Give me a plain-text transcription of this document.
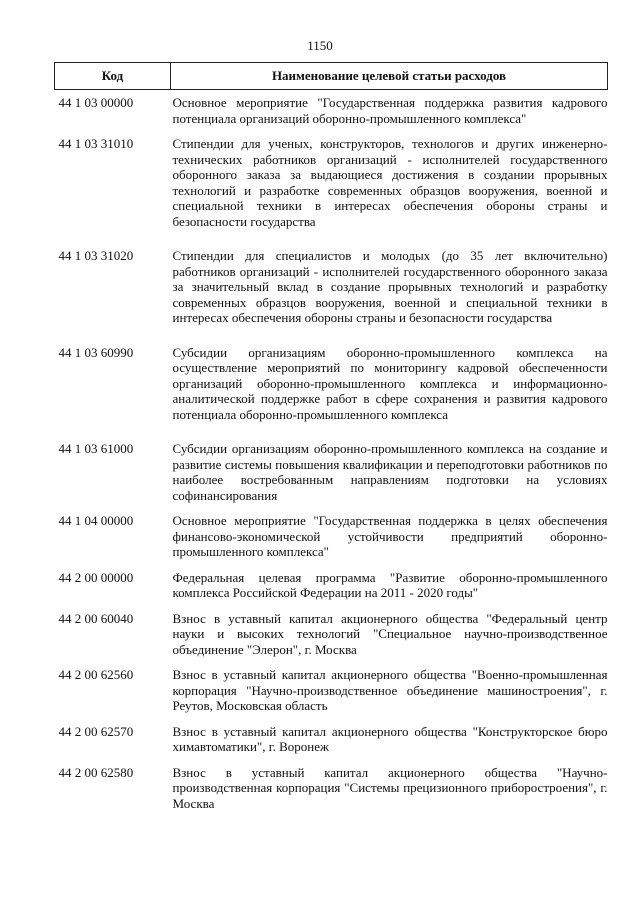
1150
Код	Наименование целевой статьи расходов
44 1 03 00000	Основное мероприятие "Государственная поддержка развития кадрового потенциала организаций оборонно-промышленного комплекса"
44 1 03 31010	Стипендии для ученых, конструкторов, технологов и других инженерно-технических работников организаций - исполнителей государственного оборонного заказа за выдающиеся достижения в создании прорывных технологий и разработке современных образцов вооружения, военной и специальной техники в интересах обеспечения обороны страны и безопасности государства
44 1 03 31020	Стипендии для специалистов и молодых (до 35 лет включительно) работников организаций - исполнителей государственного оборонного заказа за значительный вклад в создание прорывных технологий и разработку современных образцов вооружения, военной и специальной техники в интересах обеспечения обороны страны и безопасности государства
44 1 03 60990	Субсидии организациям оборонно-промышленного комплекса на осуществление мероприятий по мониторингу кадровой обеспеченности организаций оборонно-промышленного комплекса и информационно-аналитической поддержке работ в сфере сохранения и развития кадрового потенциала оборонно-промышленного комплекса
44 1 03 61000	Субсидии организациям оборонно-промышленного комплекса на создание и развитие системы повышения квалификации и переподготовки работников по наиболее востребованным направлениям подготовки на условиях софинансирования
44 1 04 00000	Основное мероприятие "Государственная поддержка в целях обеспечения финансово-экономической устойчивости предприятий оборонно-промышленного комплекса"
44 2 00 00000	Федеральная целевая программа "Развитие оборонно-промышленного комплекса Российской Федерации на 2011 - 2020 годы"
44 2 00 60040	Взнос в уставный капитал акционерного общества "Федеральный центр науки и высоких технологий "Специальное научно-производственное объединение "Элерон", г. Москва
44 2 00 62560	Взнос в уставный капитал акционерного общества "Военно-промышленная корпорация "Научно-производственное объединение машиностроения", г. Реутов, Московская область
44 2 00 62570	Взнос в уставный капитал акционерного общества "Конструкторское бюро химавтоматики", г. Воронеж
44 2 00 62580	Взнос в уставный капитал акционерного общества "Научно-производственная корпорация "Системы прецизионного приборостроения", г. Москва
